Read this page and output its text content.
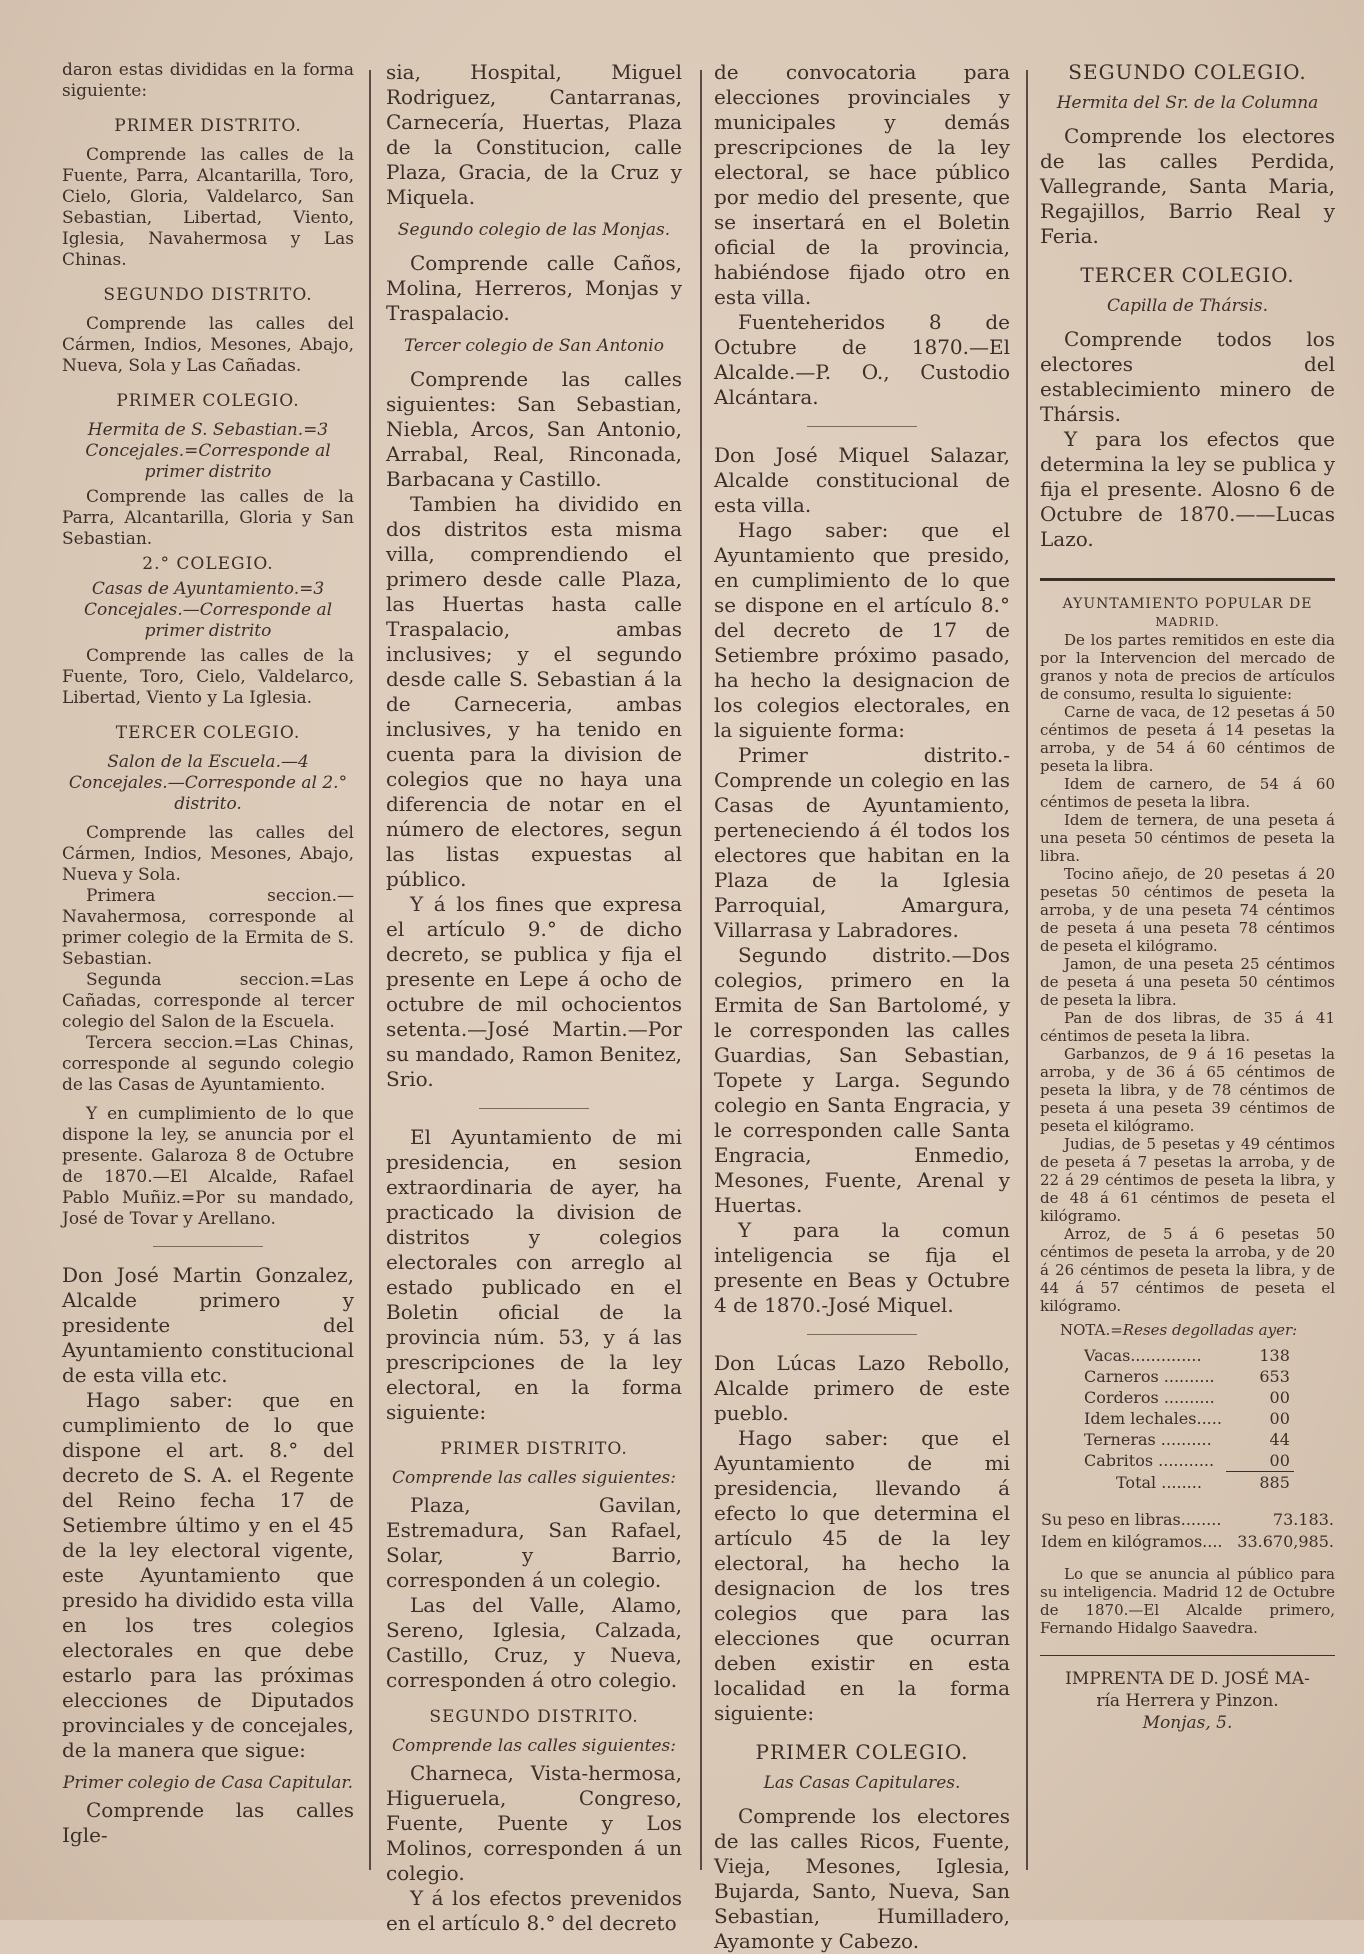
daron estas divididas en la forma siguiente:

PRIMER DISTRITO.

Comprende las calles de la Fuente, Parra, Alcantarilla, Toro, Cielo, Gloria, Valdelarco, San Sebastian, Libertad, Viento, Iglesia, Navahermosa y Las Chinas.

SEGUNDO DISTRITO.

Comprende las calles del Cármen, Indios, Mesones, Abajo, Nueva, Sola y Las Cañadas.

PRIMER COLEGIO.

Hermita de S. Sebastian.=3 Concejales.=Corresponde al primer distrito

Comprende las calles de la Parra, Alcantarilla, Gloria y San Sebastian.

2.° COLEGIO.

Casas de Ayuntamiento.=3 Concejales.—Corresponde al primer distrito

Comprende las calles de la Fuente, Toro, Cielo, Valdelarco, Libertad, Viento y La Iglesia.

TERCER COLEGIO.

Salon de la Escuela.—4 Concejales.—Corresponde al 2.° distrito.

Comprende las calles del Cármen, Indios, Mesones, Abajo, Nueva y Sola.

Primera seccion.—Navahermosa, corresponde al primer colegio de la Ermita de S. Sebastian.

Segunda seccion.=Las Cañadas, corresponde al tercer colegio del Salon de la Escuela.

Tercera seccion.=Las Chinas, corresponde al segundo colegio de las Casas de Ayuntamiento.

Y en cumplimiento de lo que dispone la ley, se anuncia por el presente. Galaroza 8 de Octubre de 1870.—El Alcalde, Rafael Pablo Muñiz.=Por su mandado, José de Tovar y Arellano.

Don José Martin Gonzalez, Alcalde primero y presidente del Ayuntamiento constitucional de esta villa etc.

Hago saber: que en cumplimiento de lo que dispone el art. 8.° del decreto de S. A. el Regente del Reino fecha 17 de Setiembre último y en el 45 de la ley electoral vigente, este Ayuntamiento que presido ha dividido esta villa en los tres colegios electorales en que debe estarlo para las próximas elecciones de Diputados provinciales y de concejales, de la manera que sigue:

Primer colegio de Casa Capitular.

Comprende las calles Igle-

sia, Hospital, Miguel Rodriguez, Cantarranas, Carnecería, Huertas, Plaza de la Constitucion, calle Plaza, Gracia, de la Cruz y Miquela.

Segundo colegio de las Monjas.

Comprende calle Caños, Molina, Herreros, Monjas y Traspalacio.

Tercer colegio de San Antonio

Comprende las calles siguientes: San Sebastian, Niebla, Arcos, San Antonio, Arrabal, Real, Rinconada, Barbacana y Castillo.

Tambien ha dividido en dos distritos esta misma villa, comprendiendo el primero desde calle Plaza, las Huertas hasta calle Traspalacio, ambas inclusives; y el segundo desde calle S. Sebastian á la de Carneceria, ambas inclusives, y ha tenido en cuenta para la division de colegios que no haya una diferencia de notar en el número de electores, segun las listas expuestas al público.

Y á los fines que expresa el artículo 9.° de dicho decreto, se publica y fija el presente en Lepe á ocho de octubre de mil ochocientos setenta.—José Martin.—Por su mandado, Ramon Benitez, Srio.

El Ayuntamiento de mi presidencia, en sesion extraordinaria de ayer, ha practicado la division de distritos y colegios electorales con arreglo al estado publicado en el Boletin oficial de la provincia núm. 53, y á las prescripciones de la ley electoral, en la forma siguiente:

PRIMER DISTRITO.

Comprende las calles siguientes:

Plaza, Gavilan, Estremadura, San Rafael, Solar, y Barrio, corresponden á un colegio.

Las del Valle, Alamo, Sereno, Iglesia, Calzada, Castillo, Cruz, y Nueva, corresponden á otro colegio.

SEGUNDO DISTRITO.

Comprende las calles siguientes:

Charneca, Vista-hermosa, Higueruela, Congreso, Fuente, Puente y Los Molinos, corresponden á un colegio.

Y á los efectos prevenidos en el artículo 8.° del decreto

de convocatoria para elecciones provinciales y municipales y demás prescripciones de la ley electoral, se hace público por medio del presente, que se insertará en el Boletin oficial de la provincia, habiéndose fijado otro en esta villa.

Fuenteheridos 8 de Octubre de 1870.—El Alcalde.—P. O., Custodio Alcántara.

Don José Miquel Salazar, Alcalde constitucional de esta villa.

Hago saber: que el Ayuntamiento que presido, en cumplimiento de lo que se dispone en el artículo 8.° del decreto de 17 de Setiembre próximo pasado, ha hecho la designacion de los colegios electorales, en la siguiente forma:

Primer distrito.-Comprende un colegio en las Casas de Ayuntamiento, perteneciendo á él todos los electores que habitan en la Plaza de la Iglesia Parroquial, Amargura, Villarrasa y Labradores.

Segundo distrito.—Dos colegios, primero en la Ermita de San Bartolomé, y le corresponden las calles Guardias, San Sebastian, Topete y Larga. Segundo colegio en Santa Engracia, y le corresponden calle Santa Engracia, Enmedio, Mesones, Fuente, Arenal y Huertas.

Y para la comun inteligencia se fija el presente en Beas y Octubre 4 de 1870.-José Miquel.

Don Lúcas Lazo Rebollo, Alcalde primero de este pueblo.

Hago saber: que el Ayuntamiento de mi presidencia, llevando á efecto lo que determina el artículo 45 de la ley electoral, ha hecho la designacion de los tres colegios que para las elecciones que ocurran deben existir en esta localidad en la forma siguiente:

PRIMER COLEGIO.

Las Casas Capitulares.

Comprende los electores de las calles Ricos, Fuente, Vieja, Mesones, Iglesia, Bujarda, Santo, Nueva, San Sebastian, Humilladero, Ayamonte y Cabezo.

SEGUNDO COLEGIO.

Hermita del Sr. de la Columna

Comprende los electores de las calles Perdida, Vallegrande, Santa Maria, Regajillos, Barrio Real y Feria.

TERCER COLEGIO.

Capilla de Thársis.

Comprende todos los electores del establecimiento minero de Thársis.

Y para los efectos que determina la ley se publica y fija el presente. Alosno 6 de Octubre de 1870.——Lucas Lazo.

AYUNTAMIENTO POPULAR DE

MADRID.

De los partes remitidos en este dia por la Intervencion del mercado de granos y nota de precios de artículos de consumo, resulta lo siguiente:

Carne de vaca, de 12 pesetas á 50 céntimos de peseta á 14 pesetas la arroba, y de 54 á 60 céntimos de peseta la libra.

Idem de carnero, de 54 á 60 céntimos de peseta la libra.

Idem de ternera, de una peseta á una peseta 50 céntimos de peseta la libra.

Tocino añejo, de 20 pesetas á 20 pesetas 50 céntimos de peseta la arroba, y de una peseta 74 céntimos de peseta á una peseta 78 céntimos de peseta el kilógramo.

Jamon, de una peseta 25 céntimos de peseta á una peseta 50 céntimos de peseta la libra.

Pan de dos libras, de 35 á 41 céntimos de peseta la libra.

Garbanzos, de 9 á 16 pesetas la arroba, y de 36 á 65 céntimos de peseta la libra, y de 78 céntimos de peseta á una peseta 39 céntimos de peseta el kilógramo.

Judias, de 5 pesetas y 49 céntimos de peseta á 7 pesetas la arroba, y de 22 á 29 céntimos de peseta la libra, y de 48 á 61 céntimos de peseta el kilógramo.

Arroz, de 5 á 6 pesetas 50 céntimos de peseta la arroba, y de 20 á 26 céntimos de peseta la libra, y de 44 á 57 céntimos de peseta el kilógramo.

NOTA.=Reses degolladas ayer:

Vacas..............	138
Carneros ..........	653
Corderos ..........	00
Idem lechales.....	00
Terneras ..........	44
Cabritos ...........	00
Total ........	885
Su peso en libras........	73.183.
Idem en kilógramos....	33.670,985.

Lo que se anuncia al público para su inteligencia. Madrid 12 de Octubre de 1870.—El Alcalde primero, Fernando Hidalgo Saavedra.

IMPRENTA DE D. JOSÉ MA-

ría Herrera y Pinzon.

Monjas, 5.
